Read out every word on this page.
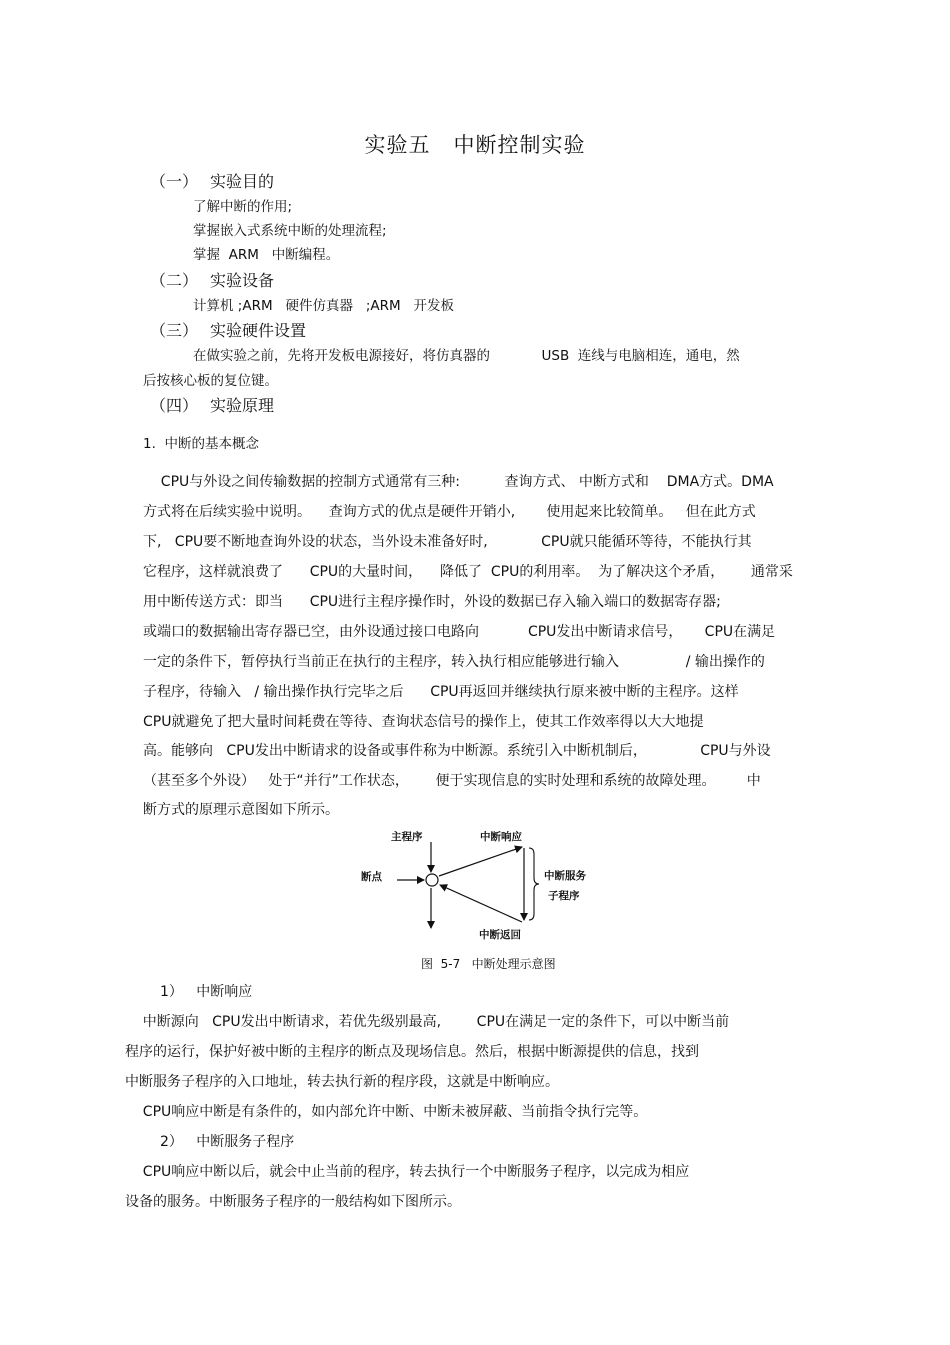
实验五   中断控制实验
（一） 实验目的
了解中断的作用;
掌握嵌入式系统中断的处理流程;
掌握  ARM   中断编程。
（二） 实验设备
计算机 ;ARM   硬件仿真器   ;ARM   开发板
（三） 实验硬件设置
在做实验之前，先将开发板电源接好，将仿真器的            USB  连线与电脑相连，通电，然
后按核心板的复位键。
（四） 实验原理
1.  中断的基本概念
CPU与外设之间传输数据的控制方式通常有三种:          查询方式、 中断方式和    DMA方式。DMA
方式将在后续实验中说明。    查询方式的优点是硬件开销小,       使用起来比较简单。   但在此方式
下,   CPU要不断地查询外设的状态，当外设未准备好时,            CPU就只能循环等待，不能执行其
它程序，这样就浪费了      CPU的大量时间，    降低了  CPU的利用率。  为了解决这个矛盾，      通常采
用中断传送方式：即当      CPU进行主程序操作时，外设的数据已存入输入端口的数据寄存器;
或端口的数据输出寄存器已空，由外设通过接口电路向           CPU发出中断请求信号，     CPU在满足
一定的条件下，暂停执行当前正在执行的主程序，转入执行相应能够进行输入               / 输出操作的
子程序，待输入   / 输出操作执行完毕之后      CPU再返回并继续执行原来被中断的主程序。这样
CPU就避免了把大量时间耗费在等待、查询状态信号的操作上，使其工作效率得以大大地提
高。能够向   CPU发出中断请求的设备或事件称为中断源。系统引入中断机制后，            CPU与外设
（甚至多个外设）   处于“并行”工作状态，      便于实现信息的实时处理和系统的故障处理。       中
断方式的原理示意图如下所示。
主程序	中断响应
断点	中断服务
子程序
中断返回
图  5-7   中断处理示意图
1）   中断响应
中断源向   CPU发出中断请求，若优先级别最高,        CPU在满足一定的条件下，可以中断当前
程序的运行，保护好被中断的主程序的断点及现场信息。然后，根据中断源提供的信息，找到
中断服务子程序的入口地址，转去执行新的程序段，这就是中断响应。
CPU响应中断是有条件的，如内部允许中断、中断未被屏蔽、当前指令执行完等。
2）   中断服务子程序
CPU响应中断以后，就会中止当前的程序，转去执行一个中断服务子程序，以完成为相应
设备的服务。中断服务子程序的一般结构如下图所示。
